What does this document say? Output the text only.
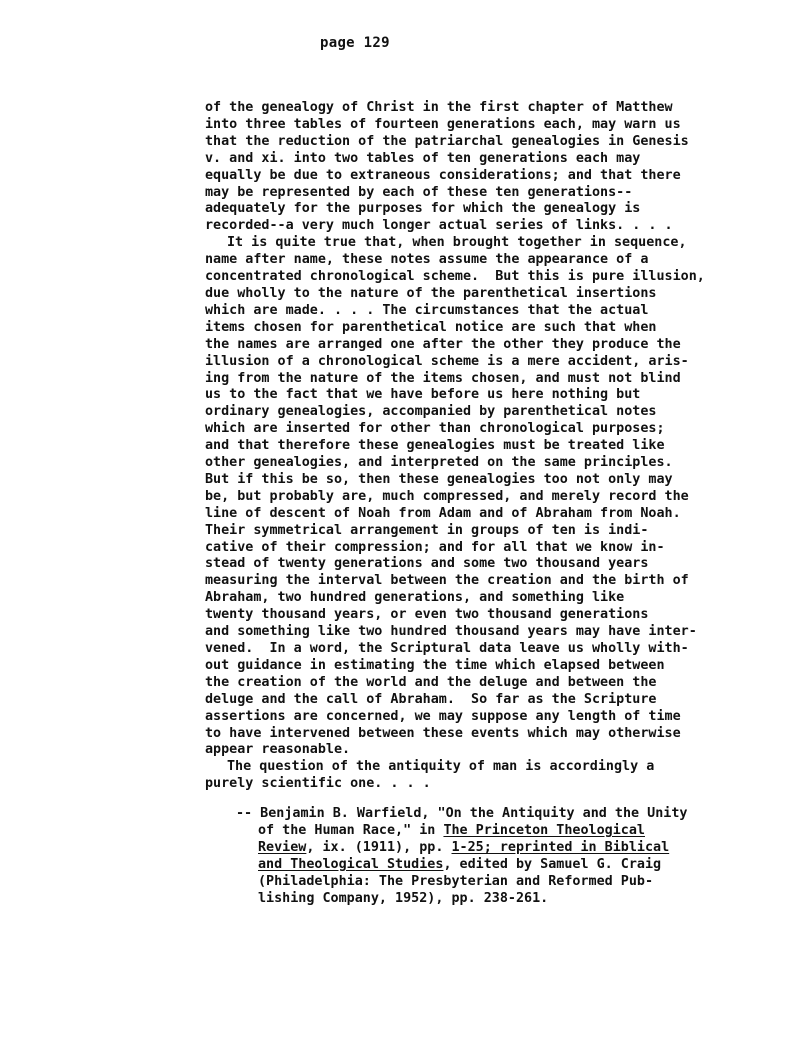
page 129
of the genealogy of Christ in the first chapter of Matthew
into three tables of fourteen generations each, may warn us
that the reduction of the patriarchal genealogies in Genesis
v. and xi. into two tables of ten generations each may
equally be due to extraneous considerations; and that there
may be represented by each of these ten generations--
adequately for the purposes for which the genealogy is
recorded--a very much longer actual series of links. . . .
It is quite true that, when brought together in sequence,
name after name, these notes assume the appearance of a
concentrated chronological scheme.  But this is pure illusion,
due wholly to the nature of the parenthetical insertions
which are made. . . . The circumstances that the actual
items chosen for parenthetical notice are such that when
the names are arranged one after the other they produce the
illusion of a chronological scheme is a mere accident, aris-
ing from the nature of the items chosen, and must not blind
us to the fact that we have before us here nothing but
ordinary genealogies, accompanied by parenthetical notes
which are inserted for other than chronological purposes;
and that therefore these genealogies must be treated like
other genealogies, and interpreted on the same principles.
But if this be so, then these genealogies too not only may
be, but probably are, much compressed, and merely record the
line of descent of Noah from Adam and of Abraham from Noah.
Their symmetrical arrangement in groups of ten is indi-
cative of their compression; and for all that we know in-
stead of twenty generations and some two thousand years
measuring the interval between the creation and the birth of
Abraham, two hundred generations, and something like
twenty thousand years, or even two thousand generations
and something like two hundred thousand years may have inter-
vened.  In a word, the Scriptural data leave us wholly with-
out guidance in estimating the time which elapsed between
the creation of the world and the deluge and between the
deluge and the call of Abraham.  So far as the Scripture
assertions are concerned, we may suppose any length of time
to have intervened between these events which may otherwise
appear reasonable.
The question of the antiquity of man is accordingly a
purely scientific one. . . .
-- Benjamin B. Warfield, "On the Antiquity and the Unity
of the Human Race," in The Princeton Theological
Review, ix. (1911), pp. 1-25; reprinted in Biblical
and Theological Studies, edited by Samuel G. Craig
(Philadelphia: The Presbyterian and Reformed Pub-
lishing Company, 1952), pp. 238-261.
